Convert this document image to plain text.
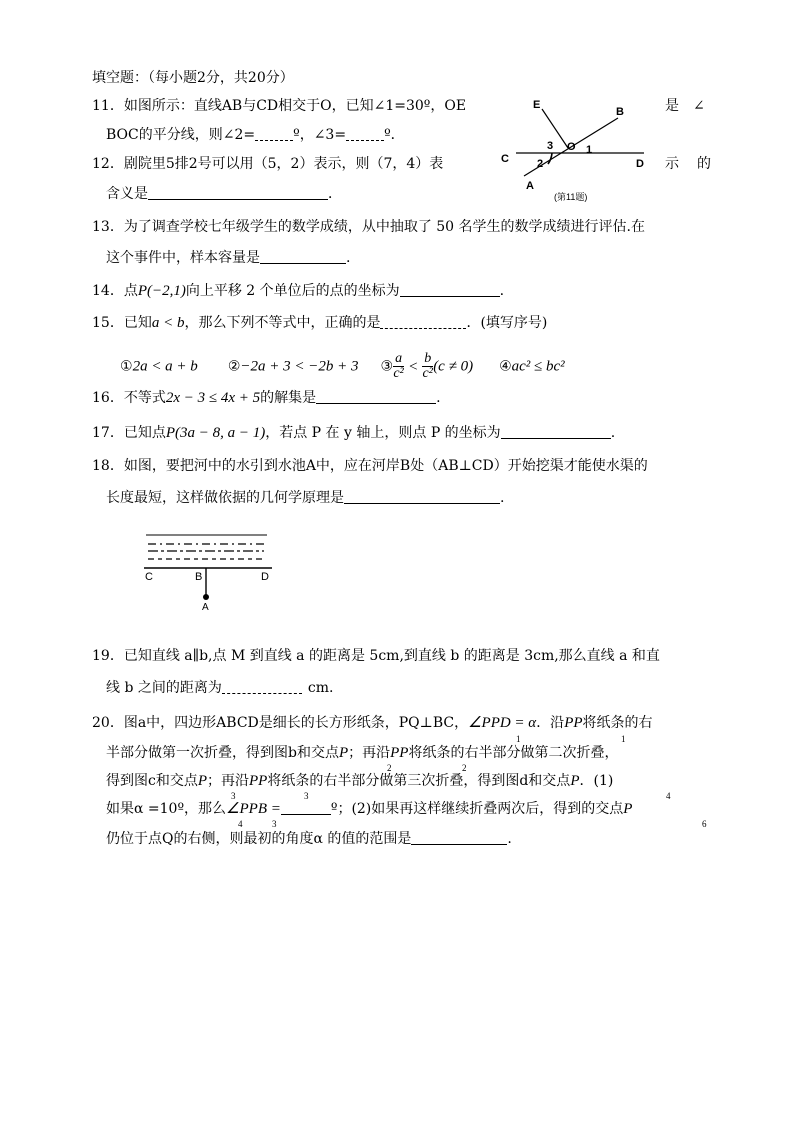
填空题：（每小题2分，共20分）
11．如图所示：直线AB与CD相交于O，已知∠1=30º，OE	是 ∠
BOC的平分线，则∠2=	º，∠3=	º．
E
B
3 O 1
C	2	D
A
(第11题)
12．剧院里5排2号可以用（5，2）表示，则（7，4）表	示 的
含义是	．
13．为了调查学校七年级学生的数学成绩，从中抽取了 50 名学生的数学成绩进行评估.在
这个事件中，样本容量是	.
14．点P(−2,1)向上平移 2 个单位后的点的坐标为	.
15．已知a < b，那么下列不等式中，正确的是	．(填写序号)
①2a < a + b ②−2a + 3 < −2b + 3 ③ $\frac{a}{\text{c²}} < \frac{b}{\text{c²}} (c \ne 0)$ ④ac² ≤ bc²
16．不等式2x − 3 ≤ 4x + 5的解集是	.
17．已知点P(3a − 8, a − 1)，若点 P 在 y 轴上，则点 P 的坐标为	.
18．如图，要把河中的水引到水池A中，应在河岸B处（AB⊥CD）开始挖渠才能使水渠的
长度最短，这样做依据的几何学原理是	.
C	B	D
A
19．已知直线 a∥b,点 M 到直线 a 的距离是 5cm,到直线 b 的距离是 3cm,那么直线 a 和直
线 b 之间的距离为	cm.
20．图a中，四边形ABCD是细长的长方形纸条，PQ⊥BC，∠PPD = α．沿PP将纸条的右
半部分做第一次折叠，得到图b和交点P；再沿PP将纸条的右半部分做第二次折叠，
得到图c和交点P；再沿PP将纸条的右半部分做第三次折叠，得到图d和交点P．(1)
如果α =10º，那么∠PPB =	º；(2)如果再这样继续折叠两次后，得到的交点P
仍位于点Q的右侧，则最初的角度α 的值的范围是	.
1	1
2	2
3	3	4
4	3	6
